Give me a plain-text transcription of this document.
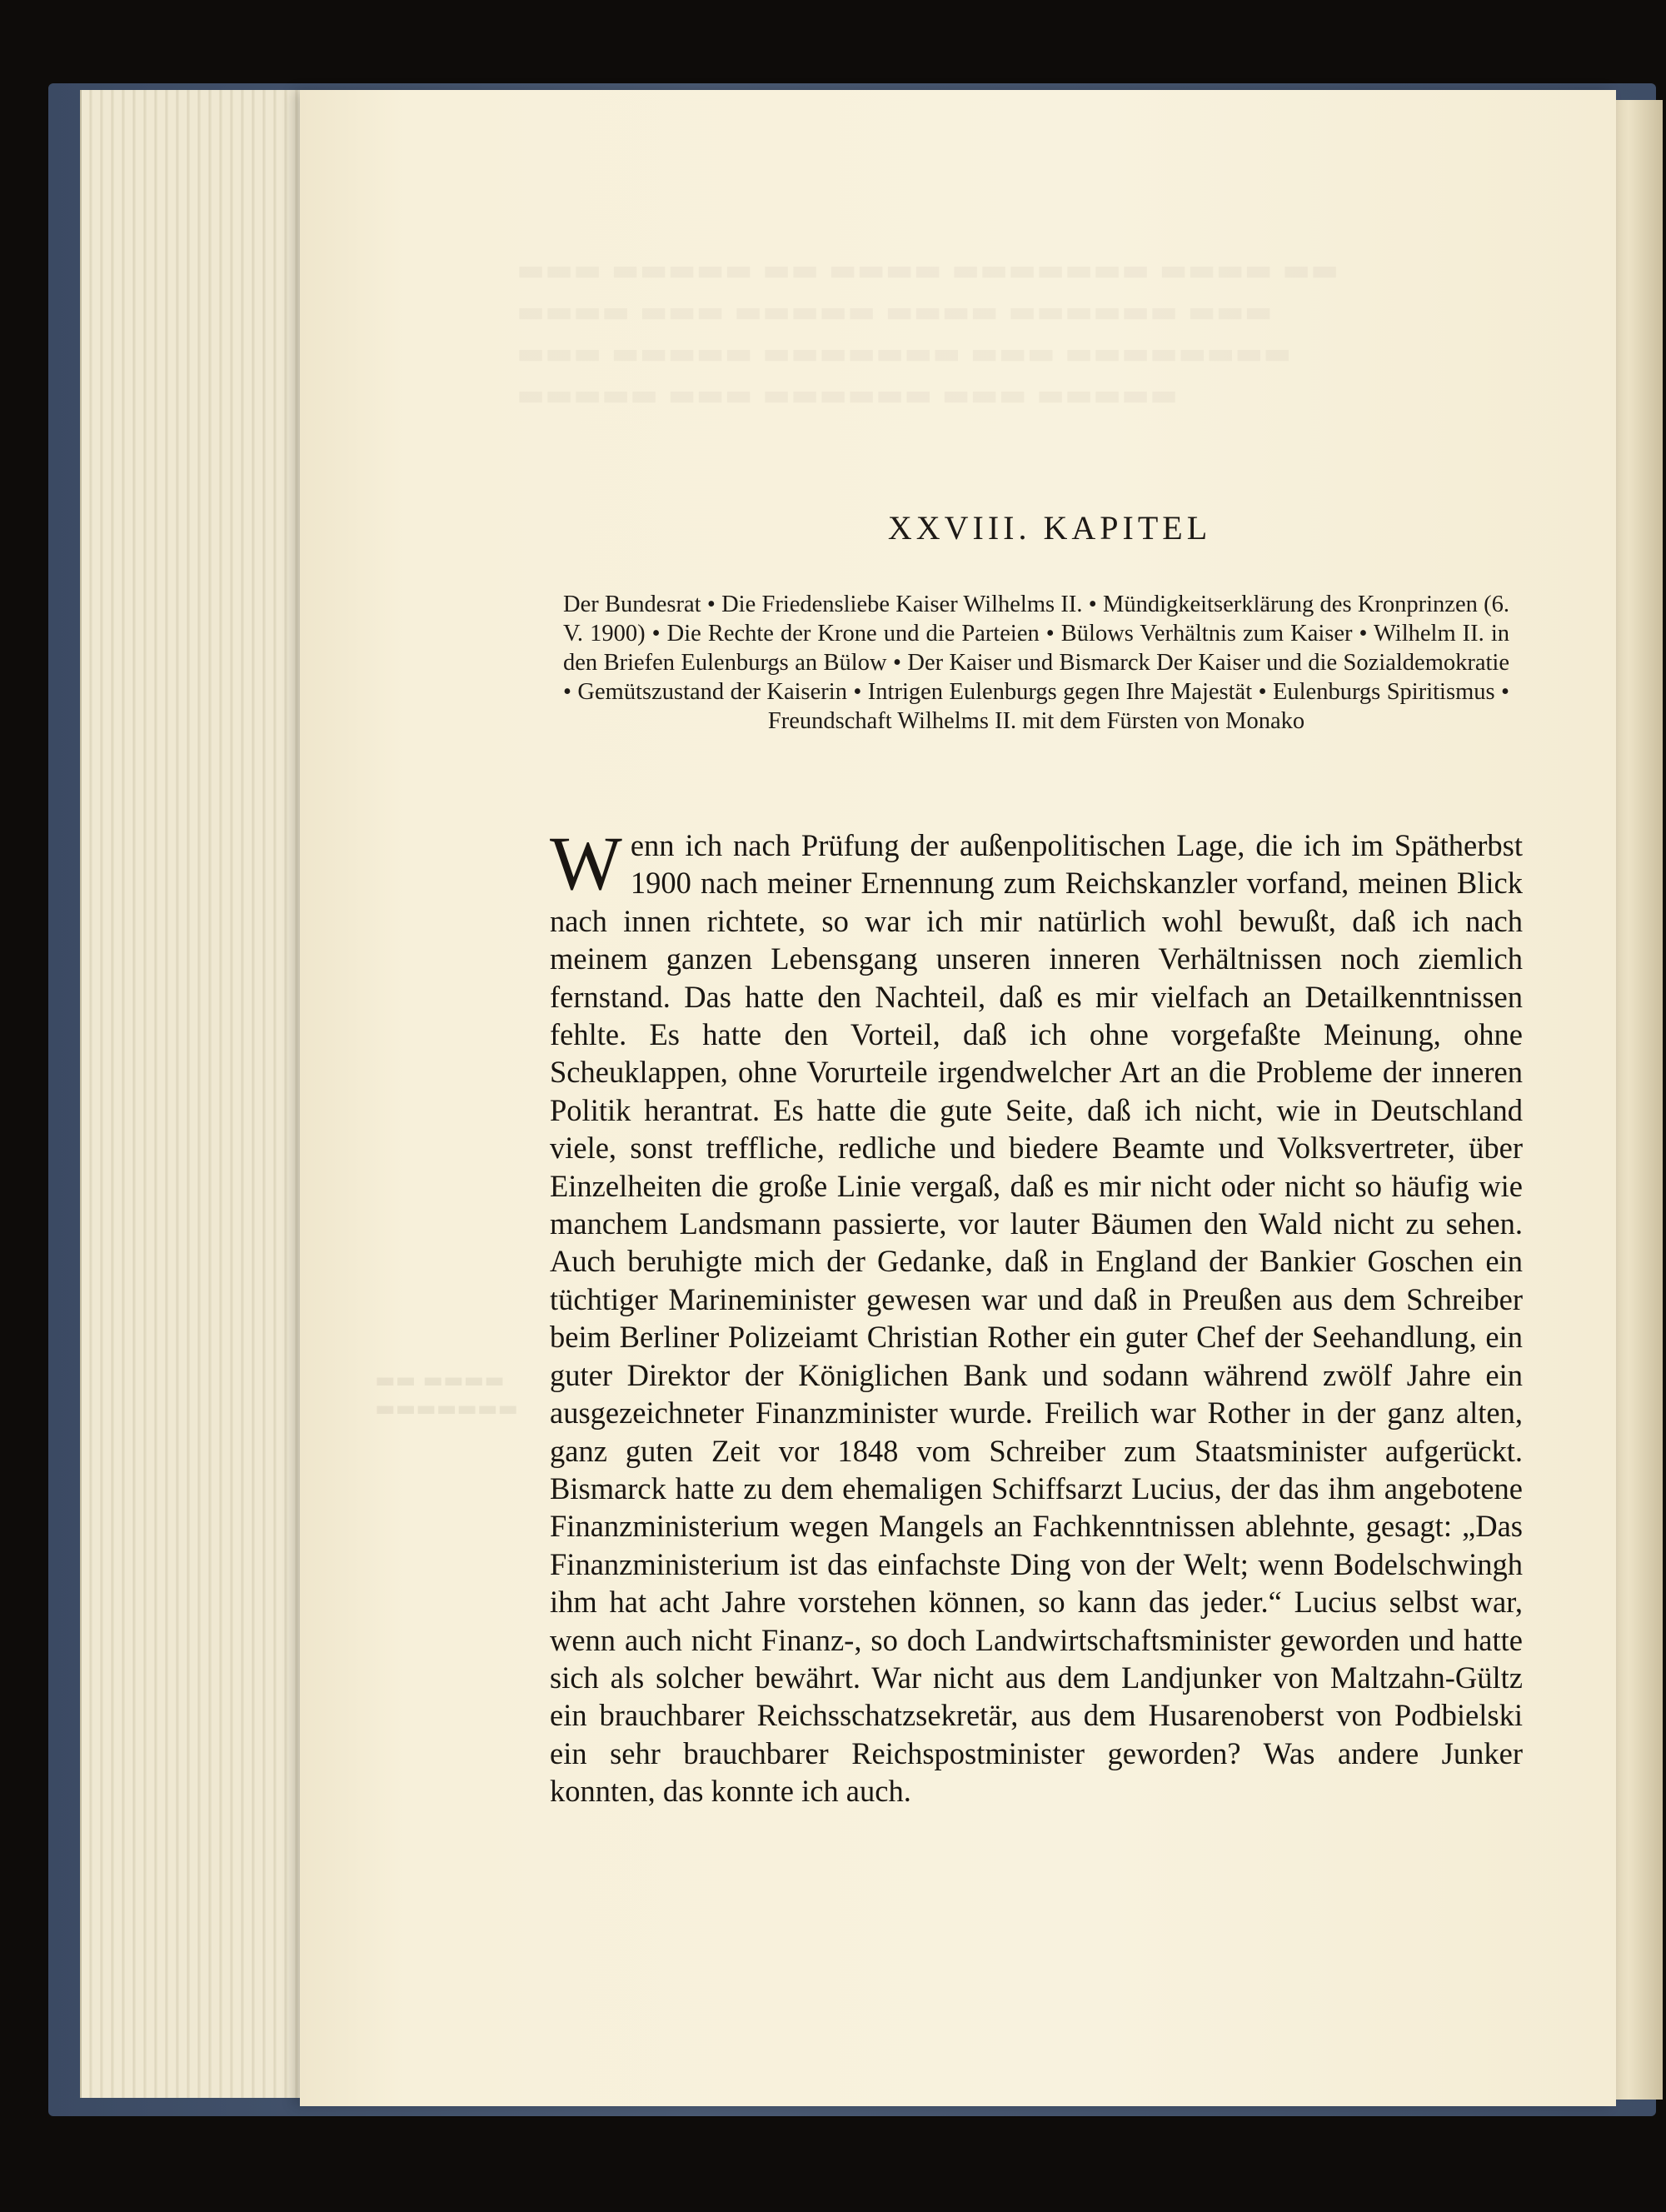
▬▬▬ ▬▬▬▬▬ ▬▬ ▬▬▬▬ ▬▬▬▬▬▬▬ ▬▬▬▬ ▬▬
▬▬▬▬ ▬▬▬ ▬▬▬▬▬ ▬▬▬▬ ▬▬▬▬▬▬ ▬▬▬
▬▬▬ ▬▬▬▬▬ ▬▬▬▬▬▬▬ ▬▬▬ ▬▬▬▬▬▬▬▬
▬▬▬▬▬ ▬▬▬ ▬▬▬▬▬▬ ▬▬▬ ▬▬▬▬▬
▬▬ ▬▬▬▬
▬▬▬▬▬▬▬
XXVIII. KAPITEL

Der Bundesrat • Die Friedensliebe Kaiser Wilhelms II. • Mündigkeitserklärung des Kronprinzen (6. V. 1900) • Die Rechte der Krone und die Parteien • Bülows Verhältnis zum Kaiser • Wilhelm II. in den Briefen Eulenburgs an Bülow • Der Kaiser und Bismarck Der Kaiser und die Sozialdemokratie • Gemütszustand der Kaiserin • Intrigen Eulenburgs gegen Ihre Majestät • Eulenburgs Spiritismus • Freundschaft Wilhelms II. mit dem Fürsten von Monako

Wenn ich nach Prüfung der außenpolitischen Lage, die ich im Spätherbst 1900 nach meiner Ernennung zum Reichskanzler vorfand, meinen Blick nach innen richtete, so war ich mir natürlich wohl bewußt, daß ich nach meinem ganzen Lebensgang unseren inneren Verhältnissen noch ziemlich fernstand. Das hatte den Nachteil, daß es mir vielfach an Detailkenntnissen fehlte. Es hatte den Vorteil, daß ich ohne vorgefaßte Meinung, ohne Scheuklappen, ohne Vorurteile irgendwelcher Art an die Probleme der inneren Politik herantrat. Es hatte die gute Seite, daß ich nicht, wie in Deutschland viele, sonst treffliche, redliche und biedere Beamte und Volksvertreter, über Einzelheiten die große Linie vergaß, daß es mir nicht oder nicht so häufig wie manchem Landsmann passierte, vor lauter Bäumen den Wald nicht zu sehen. Auch beruhigte mich der Gedanke, daß in England der Bankier Goschen ein tüchtiger Marineminister gewesen war und daß in Preußen aus dem Schreiber beim Berliner Polizeiamt Christian Rother ein guter Chef der Seehandlung, ein guter Direktor der Königlichen Bank und sodann während zwölf Jahre ein ausgezeichneter Finanzminister wurde. Freilich war Rother in der ganz alten, ganz guten Zeit vor 1848 vom Schreiber zum Staatsminister aufgerückt. Bismarck hatte zu dem ehemaligen Schiffsarzt Lucius, der das ihm angebotene Finanzministerium wegen Mangels an Fachkenntnissen ablehnte, gesagt: „Das Finanzministerium ist das einfachste Ding von der Welt; wenn Bodelschwingh ihm hat acht Jahre vorstehen können, so kann das jeder.“ Lucius selbst war, wenn auch nicht Finanz-, so doch Landwirtschaftsminister geworden und hatte sich als solcher bewährt. War nicht aus dem Landjunker von Maltzahn-Gültz ein brauchbarer Reichsschatzsekretär, aus dem Husarenoberst von Podbielski ein sehr brauchbarer Reichspostminister geworden? Was andere Junker konnten, das konnte ich auch.
